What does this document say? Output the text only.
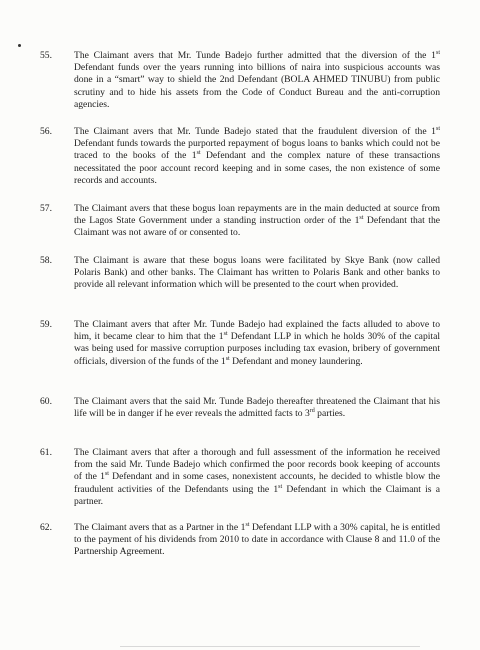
55.	The Claimant avers that Mr. Tunde Badejo further admitted that the diversion of the 1st Defendant funds over the years running into billions of naira into suspicious accounts was done in a “smart” way to shield the 2nd Defendant (BOLA AHMED TINUBU) from public scrutiny and to hide his assets from the Code of Conduct Bureau and the anti-corruption agencies.
56.	The Claimant avers that Mr. Tunde Badejo stated that the fraudulent diversion of the 1st Defendant funds towards the purported repayment of bogus loans to banks which could not be traced to the books of the 1st Defendant and the complex nature of these transactions necessitated the poor account record keeping and in some cases, the non existence of some records and accounts.
57.	The Claimant avers that these bogus loan repayments are in the main deducted at source from the Lagos State Government under a standing instruction order of the 1st Defendant that the Claimant was not aware of or consented to.
58.	The Claimant is aware that these bogus loans were facilitated by Skye Bank (now called Polaris Bank) and other banks. The Claimant has written to Polaris Bank and other banks to provide all relevant information which will be presented to the court when provided.
59.	The Claimant avers that after Mr. Tunde Badejo had explained the facts alluded to above to him, it became clear to him that the 1st Defendant LLP in which he holds 30% of the capital was being used for massive corruption purposes including tax evasion, bribery of government officials, diversion of the funds of the 1st Defendant and money laundering.
60.	The Claimant avers that the said Mr. Tunde Badejo thereafter threatened the Claimant that his life will be in danger if he ever reveals the admitted facts to 3rd parties.
61.	The Claimant avers that after a thorough and full assessment of the information he received from the said Mr. Tunde Badejo which confirmed the poor records book keeping of accounts of the 1st Defendant and in some cases, nonexistent accounts, he decided to whistle blow the fraudulent activities of the Defendants using the 1st Defendant in which the Claimant is a partner.
62.	The Claimant avers that as a Partner in the 1st Defendant LLP with a 30% capital, he is entitled to the payment of his dividends from 2010 to date in accordance with Clause 8 and 11.0 of the Partnership Agreement.
